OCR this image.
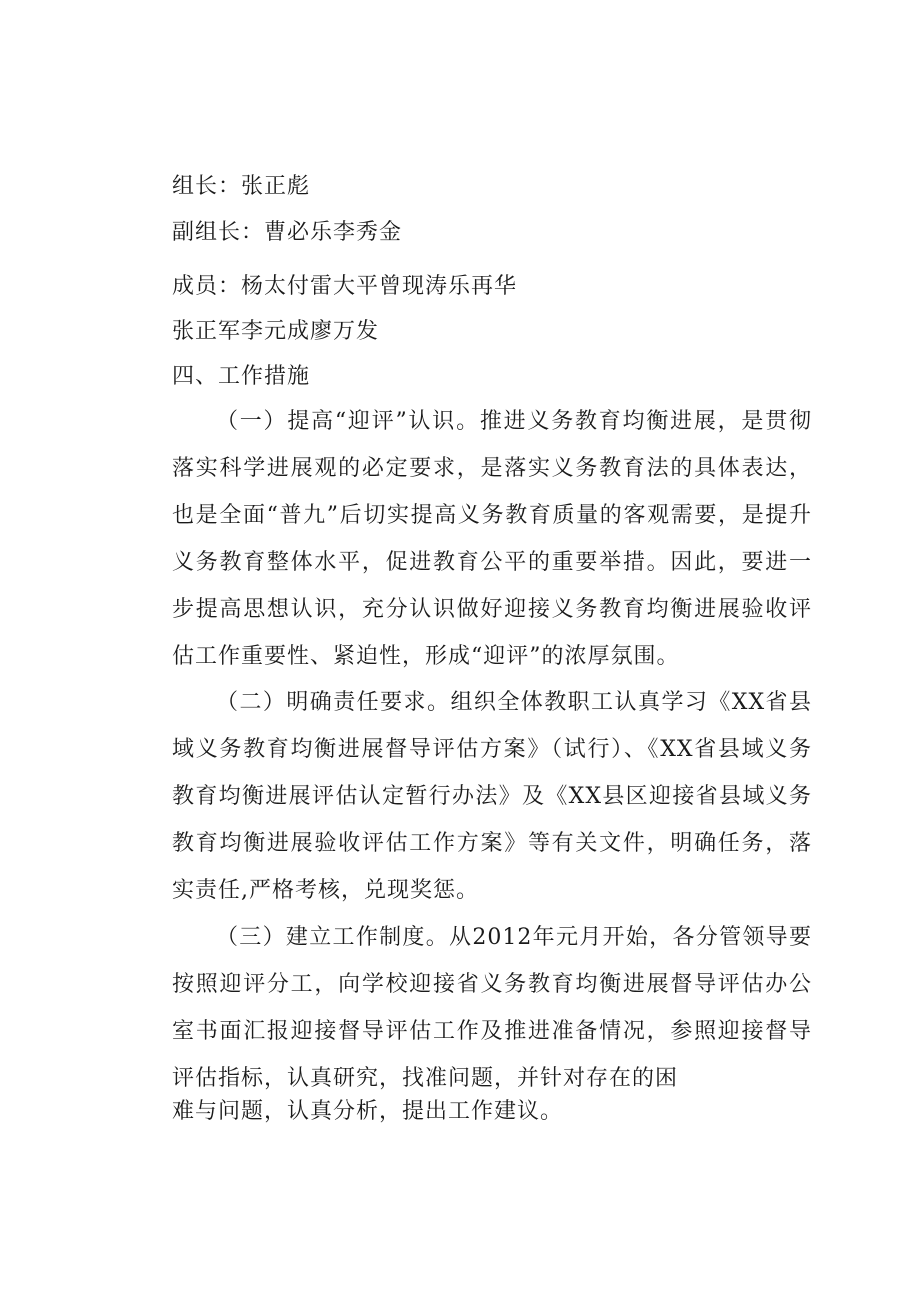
组长：张正彪
副组长：曹必乐李秀金
成员：杨太付雷大平曾现涛乐再华
张正军李元成廖万发
四、工作措施
（一）提高“迎评”认识。推进义务教育均衡进展，是贯彻落实科学进展观的必定要求，是落实义务教育法的具体表达，也是全面“普九”后切实提高义务教育质量的客观需要，是提升义务教育整体水平，促进教育公平的重要举措。因此，要进一步提高思想认识，充分认识做好迎接义务教育均衡进展验收评估工作重要性、紧迫性，形成“迎评”的浓厚氛围。
（二）明确责任要求。组织全体教职工认真学习《XX省县域义务教育均衡进展督导评估方案》（试行）、《XX省县域义务教育均衡进展评估认定暂行办法》及《XX县区迎接省县域义务教育均衡进展验收评估工作方案》等有关文件，明确任务，落实责任,严格考核，兑现奖惩。
（三）建立工作制度。从2012年元月开始，各分管领导要按照迎评分工，向学校迎接省义务教育均衡进展督导评估办公室书面汇报迎接督导评估工作及推进准备情况，参照迎接督导评估指标，认真研究，找准问题，并针对存在的困
难与问题，认真分析，提出工作建议。
